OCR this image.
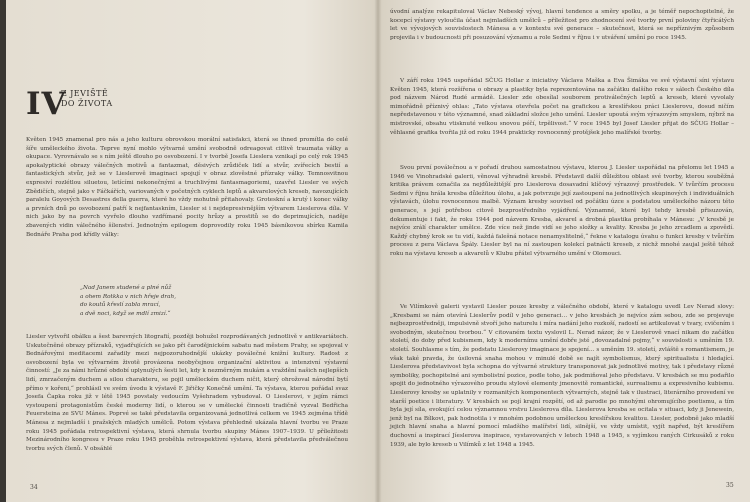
IV
Z JEVIŠTĚ
DO ŽIVOTA

Květen 1945 znamenal pro nás a jeho kulturu obrovskou morální satisfakci, která se ihned promítla do celé šíře uměleckého života. Teprve nyní mohlo výtvarné umění svobodně odreagovat citlivě traumata války a okupace. Vyrovnávalo se s ním ještě dlouho po osvobození. I v tvorbě Josefa Lieslera vznikají po celý rok 1945 apokalyptické obrazy válečných motivů a fantazmat, děsivých zrůdiček lidí a stvůr, zvířecích bestií a fantastických stvůr, jež se v Lieslerově imaginaci spojují v obraz zlověstné přízraky války. Temnosvitnou expresiví rozlétlou siluetou, letícími nekonečnými a truchlivými fantasmagoriemi, uzavřel Liesler ve svých Zbědičích, stejně jako v Fáčkářích, variovaných v početných cyklech leptů a akvarelových kreseb, navozujících paralelu Goyových Desastres della guerra, které ho vždy mohutně přitahovaly. Groteskní a krutý i konec války a prvních dnů po osvobození patří k nejfantaskním, Liesler si i nejdepresivnějším výtvarem Lieslerova díla. V nich jako by na povrch vyvřelo dlouho vzdřímané pocity hrůzy a prostitů se do deprimujících, naděje zbavených vidin válečného šílenství. Jednotným epilogem doprovodily roku 1945 básníkovou sbírku Kamila Bednáře Praha pod křídly války:

„Nad Janem studené a plné nůž
a ohem Rotkka v nich hřeje drah,
do koutů křeslí zabla mrací,
a dvě noci, když se mdlí zmizí.“

Liesler vytvořil obálku a šest barevných litografií, později bohužel rozprodávaných jednotlivě v antikvariátech. Uskutečněné obrazy přízraků, vyjadřujících se jako při čarodějnickém sabatu nad městem Prahy, se spojoval v Bednářovými meditacemi zařadily mezi nejpozoruhodnější ukázky poválečné knižní kultury. Radost z osvobození byla ve výtvarném životě provázena neobyčejnou organizační aktivitou a intenzivní výstavní činností: „Je za námi hrůzné období uplynulých šesti let, kdy k nezměrným mukám a vraždění našich nejlepších lidí, zmrzačeným duchem a silou charakteru, se pojil uměleckém duchem ničit, který ohrožoval národní bytí přímo v kořeni,“ prohlásil ve svém úvodu k výstavě F. Jiřičky Konečně umění. Ta výstava, kterou pořádal svaz Josefa Čapka roku již v létě 1945 povstaly vedoucím Vyšehradem vybudoval. O Lieslerovi, v jejím rámci vystoupení protagonistům české moderny lidí, o kterou se v umělecké činnosti tradičně vyzval Bedřicha Feuersteina ze SVU Mánes. Poprvé se také představila organizovaná jednotlivá celkem ve 1945 zejména třídě Mánesa z nejmladší i pražských mladých umělců. Potom výstava přehledně ukázala hlavní tvorbu ve Praze roku 1945 pořádala retrospektivní výstava, která shrnula tvorbu skupiny Mánes 1907–1939. U příležitosti Mezinárodního kongresu v Praze roku 1945 proběhla retrospektivní výstava, která představila předválečnou tvorbu svých členů. V obsáhlé

34

úvodní analýze rekapituloval Václav Nebeský vývoj, hlavní tendence a směry spolku, a je téměř nepochopitelné, že kocepcí výstavy vyloučila účast nejmladších umělců – příležitost pro zhodnocení své tvorby první poloviny čtyřicátých let ve vývojových souvislostech Mánesa a v kontextu své generace – skutečnost, která se nepříznivým způsobem projevila i v budoucnosti při posuzování významu a role Sedmi v říjnu i v utváření umění po roce 1945.

V září roku 1945 uspořádal SČUG Hollar z iniciativy Václava Maška a Eva Šimáka ve své výstavní síni výstavu Květen 1945, která rozšířena o obrazy a plastiky byla reprezentována na začátku dalšího roku v sálech Českého díla pod názvem Národ Rudé armádě. Liesler zde obesílal souborem protiválečných leptů a kreseb, které vyvolaly mimořádně příznivý ohlas: „Tato výstava otevřela počet na grafickou a kreslířskou práci Lieslerovu, dosud ničím nepředstavenou v této významné, snad základní složce jeho umění. Liesler upoutá svým výrazovým smyslem, nýbrž na mistrovské, obsahu vtisknuté velkou snovou péčí, trpělivost.“ V roce 1945 byl Josef Liesler přijat do SČUG Hollar – věhlasné grafika tvořila již od roku 1944 prakticky rovnocenný protějšek jeho malířské tvorby.

Svou první poválečnou a v pořadí druhou samostatnou výstavu, kterou J. Liesler uspořádal na přelomu let 1945 a 1946 ve Vinohradské galerii, věnoval výhradně kresbě. Představil další důležitou oblast své tvorby, kterou souběžná kritika právem označila za nejdůležitější pro Lieslerova dosavadní klíčový výrazový prostředek. V tvůrčím procesu Sedmi v říjnu hrála kresba důležitou úlohu, a jak potvrzuje její zastoupení na jednotlivých skupinových i individuálních výstavách, úlohu rovnocennou malbě. Význam kresby souvisel od počátku úzce s podstatou uměleckého názoru této generace, s její potřebou citově bezprostředního vyjádření. Významné, které byl tehdy kresbě přisuzován, dokumentuje i fakt, že roku 1944 pod názvem Kresba, akvarel a drobná plastika probíhala v Mánesu: „V kresbě je nejvíce zrálí charakter umělce. Zde více než jinde vidí se jeho složky a kvality. Kresba je jeho zrcadlem a zpovědí. Každý chybný krok se tu vidí, každá falešná notace nenamyslitelně,“ řekne v katalogu úvahu o funkci kresby v tvůrčím procesu z pera Václava Špály. Liesler byl na ní zastoupen kolekcí patnácti kreseb, z nichž mnohé zaujal ještě téhož roku na výstavu kreseb a akvarelů v Klubu přátel výtvarného umění v Olomouci.

Ve Vilímkově galerii vystavil Liesler pouze kresby z válečného období, které v katalogu uvedl Lev Nerad slovy: „Kresbami se nám otevírá Lieslerův podíl v jeho generaci… v jeho kresbách je nejvíce zám sebou, zde se projevuje nejbezprostředněji, impulsivně stvoří jeho naturelu i míra nadání jeho rozkoší, radostí se artikulovat v tvary, cvičením i svobodným, skutečnou tvorbou.“ V citovaném textu vyslovil L. Nerad názor, že v Lieslerově vnací nikam do začátku století, do doby před kubismem, kdy k modernímu umění dobře jsté „dovozadalné pojmy,“ v souvislosti s uměním 19. století. Souhlasme s tím, že podstatu Lieslerovy imaginace je spojení… s uměním 19. století, zvláště s romantismem, je však také pravda, že úsilovná snaha mohou v minulé době se najít symbolismus, který spiritualistu i hledající. Lieslerova představivost byla schopna do výtvarné struktury transponovat jak jednotlivé motivy, tak i představy různé symboliky, pochopitelné ani symbolistní pozice, podle toho, jak podmiňoval jeho představu. V kresbách se mu podařilo spojit do jednotného výrazového proudu stylové elementy jmenovitě romantické, surrealismu a expresivního kubismu. Lieslerovy kresby se uplatnily v rozmanitých komponentech výtvarných, stejně tak v ilustraci, literárního provedení ve starší poetice i literatury. V kresbách se pojí krajní rozpětí, od až parodie po mnohými ohromujícího poetismu, a tím byla její síla, evokující celou významnou vrstvu Lieslerova díla. Lieslerova kresba se ocitala v situaci, kdy ji Jenewein, jenž byl na Bílkovi, pak hodnotila i v mnohém podobnou uměleckou kreslířskou kvalitou. Liesler, podobně jako mladší jejich hlavní snaha a hlavní pomocí mladšího malířství lidí, silnější, ve vždy umístit, vyjít napřed, být kreslířem duchovní a inspirací Jíeslerova inspirace, vystavovaných v letech 1948 a 1945, s vyjímkou raných Cirkusáků z roku 1939, ale bylo kreseb u Vilímků z let 1948 a 1945.

35
